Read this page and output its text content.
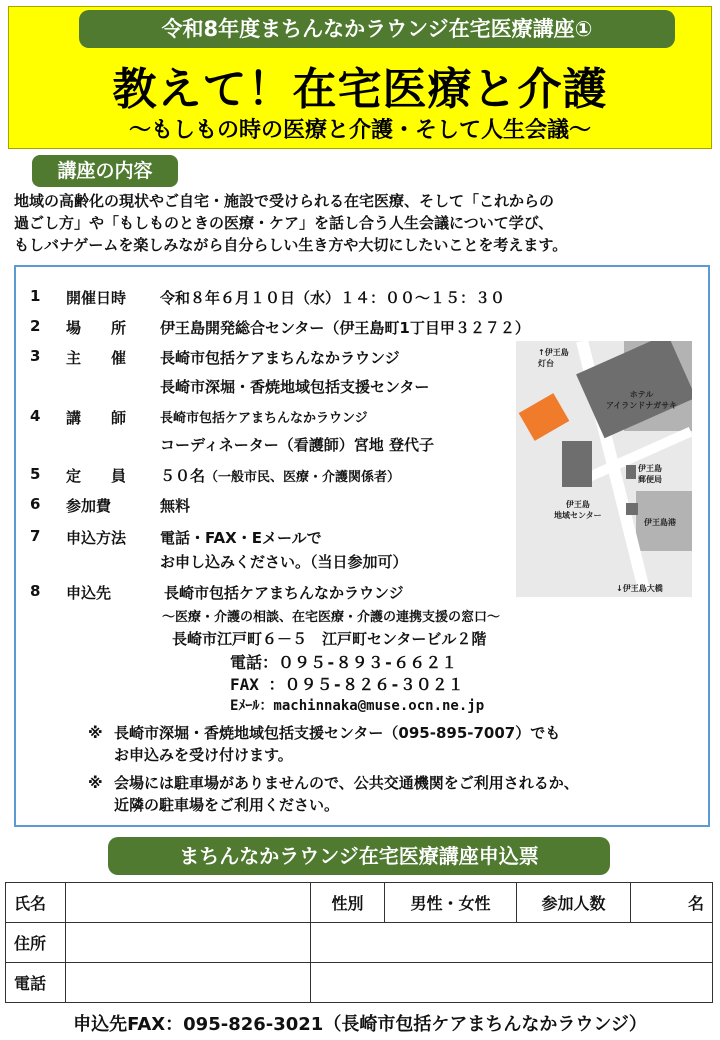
令和8年度まちんなかラウンジ在宅医療講座①
教えて！在宅医療と介護
～もしもの時の医療と介護・そして人生会議～
講座の内容
地域の高齢化の現状やご自宅・施設で受けられる在宅医療、そして「これからの
過ごし方」や「もしものときの医療・ケア」を話し合う人生会議について学び、
もしバナゲームを楽しみながら自分らしい生き方や大切にしたいことを考えます。
1 開催日時 令和８年６月１０日（水）１４：００～１５：３０
2 場　　所 伊王島開発総合センター（伊王島町1丁目甲３２７２）
3 主　　催 長崎市包括ケアまちんなかラウンジ
長崎市深堀・香焼地域包括支援センター
4 講　　師	長崎市包括ケアまちんなかラウンジ
コーディネーター（看護師）宮地 登代子
5 定　　員 ５０名（一般市民、医療・介護関係者）
6 参加費	無料
7 申込方法 電話・FAX・Eメールで
お申し込みください。（当日参加可）
8 申込先	長崎市包括ケアまちんなかラウンジ
～医療・介護の相談、在宅医療・介護の連携支援の窓口～
長崎市江戸町６－５　江戸町センタービル２階
電話：０９５-８９３-６６２１
FAX ：０９５-８２６-３０２１
Eﾒｰﾙ：machinnaka@muse.ocn.ne.jp
↑伊王島
灯台
ホテル
アイランドナガサキ
伊王島
郵便局
伊王島
地域センター
伊王島港
↓伊王島大橋
※ 長崎市深堀・香焼地域包括支援センター（095-895-7007）でも
お申込みを受け付けます。
※ 会場には駐車場がありませんので、公共交通機関をご利用されるか、
近隣の駐車場をご利用ください。
まちんなかラウンジ在宅医療講座申込票
氏名		性別	男性・女性	参加人数	名
住所					
電話					
申込先FAX：095-826-3021（長崎市包括ケアまちんなかラウンジ）
